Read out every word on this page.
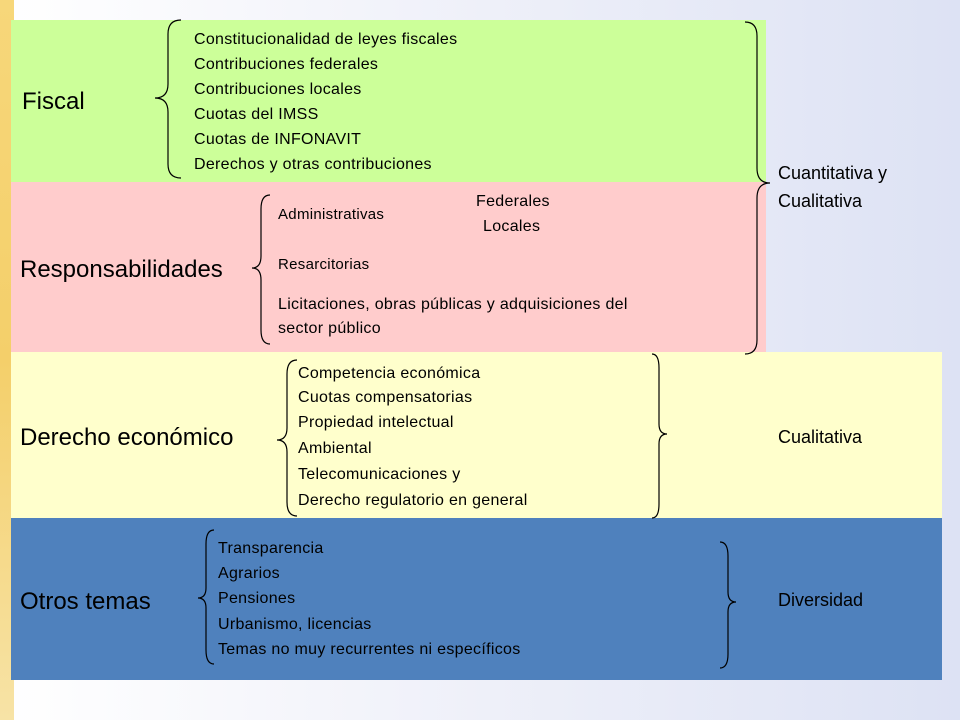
Fiscal
Constitucionalidad de leyes fiscales
Contribuciones federales
Contribuciones locales
Cuotas del IMSS
Cuotas de INFONAVIT
Derechos y otras contribuciones
Responsabilidades
Administrativas
Resarcitorias
Licitaciones, obras públicas y adquisiciones del
sector público
Federales
Locales
Derecho económico
Competencia económica
Cuotas compensatorias
Propiedad intelectual
Ambiental
Telecomunicaciones y
Derecho regulatorio en general
Otros temas
Transparencia
Agrarios
Pensiones
Urbanismo, licencias
Temas no muy recurrentes ni específicos
Cuantitativa y
Cualitativa
Cualitativa
Diversidad
